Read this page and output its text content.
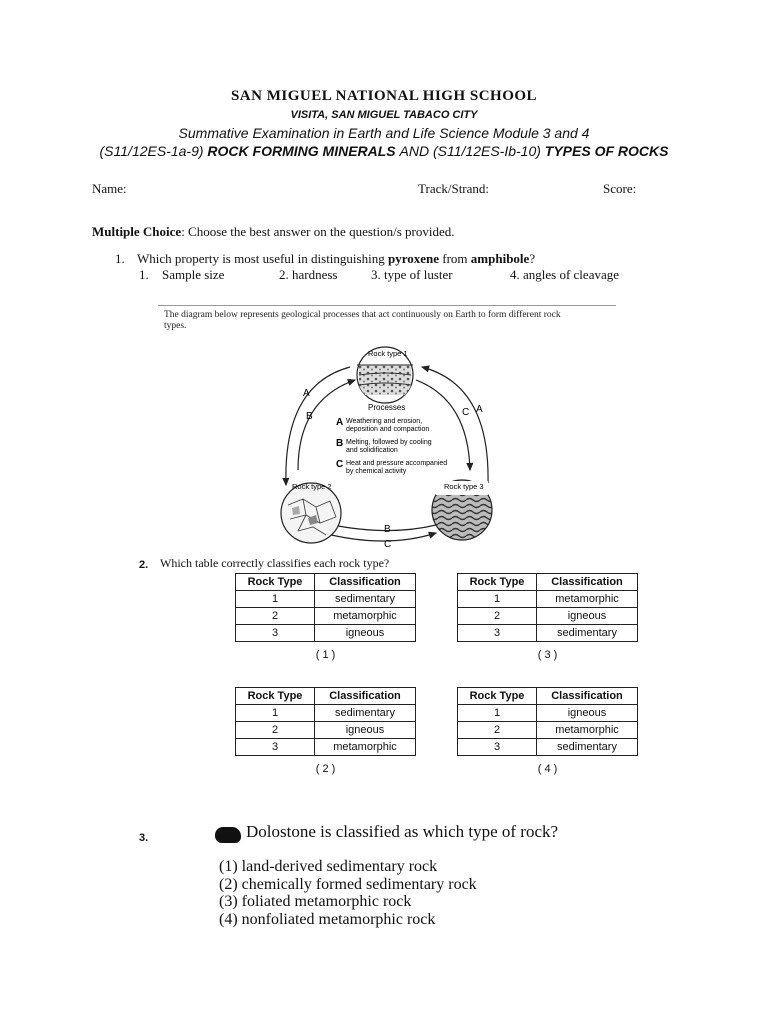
SAN MIGUEL NATIONAL HIGH SCHOOL
VISITA, SAN MIGUEL TABACO CITY
Summative Examination in Earth and Life Science Module 3 and 4
(S11/12ES-1a-9) ROCK FORMING MINERALS AND (S11/12ES-Ib-10) TYPES OF ROCKS
Name:	Track/Strand:	Score:
Multiple Choice: Choose the best answer on the question/s provided.
1. Which property is most useful in distinguishing pyroxene from amphibole?
1. Sample size	2. hardness	3. type of luster	4. angles of cleavage
The diagram below represents geological processes that act continuously on Earth to form different rock
types.
A
B	C A
B
C
Rock type 1
Rock type 2	Rock type 3
Processes
A Weathering and erosion,
deposition and compaction
B Melting, followed by cooling
and solidification
C Heat and pressure accompanied
by chemical activity
2. Which table correctly classifies each rock type?
Rock Type	Classification
1	sedimentary
2	metamorphic
3	igneous
( 1 )
Rock Type	Classification
1	metamorphic
2	igneous
3	sedimentary
( 3 )
Rock Type	Classification
1	sedimentary
2	igneous
3	metamorphic
( 2 )
Rock Type	Classification
1	igneous
2	metamorphic
3	sedimentary
( 4 )
3.	Dolostone is classified as which type of rock?
(1) land-derived sedimentary rock
(2) chemically formed sedimentary rock
(3) foliated metamorphic rock
(4) nonfoliated metamorphic rock
